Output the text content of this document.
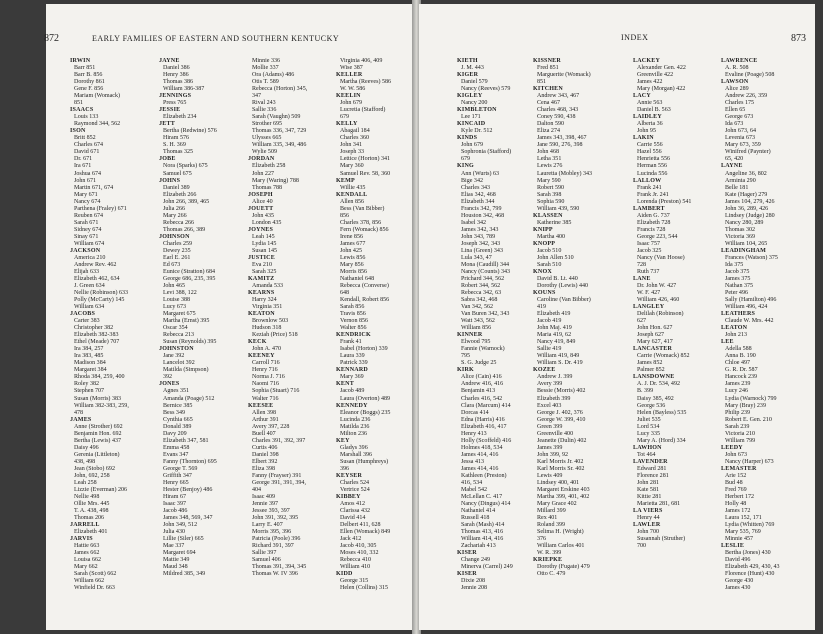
872	EARLY FAMILIES OF EASTERN AND SOUTHERN KENTUCKY
IRWIN
Barr 851
Barr B. 856
Dorothy 861
Gene F. 856
Mariam (Womack)
851
ISAACS
Louis 133
Raymond 344, 562
ISON
Britt 852
Charles 674
David 671
Dr. 671
Ira 671
Joshua 674
John 671
Martin 671, 674
Mary 671
Nancy 674
Parthena (Fraley) 671
Reuben 674
Sarah 671
Sidney 674
Sinay 671
William 674
JACKSON
America 210
Andrew Rev. 462
Elijah 633
Elizabeth 462, 634
J. Green 634
Nellie (Robinson) 633
Polly (McCarty) 145
William 634
JACOBS
Carter 383
Christopher 382
Elizabeth 382-383
Ethel (Meade) 707
Ira 384, 257
Ira 383, 485
Madison 384
Margaret 384
Rhoda 384, 259, 400
Roley 382
Stephen 707
Susan (Morris) 383
William 382-383, 259,
478
JAMES
Anne (Strother) 692
Benjamin Hon. 692
Bertha (Lewis) 437
Daisy 496
Gerenia (Littleton)
438, 498
Jean (Stobo) 692
John, 692, 258
Leah 258
Lizzie (Everman) 206
Nellie 498
Ollie Mrs. 445
T. A. 438, 498
Thomas 206
JARRELL
Elizabeth 401
JARVIS
Hattie 663
James 662
Louisa 662
Mary 662
Sarah (Scott) 662
William 662
Winfield Dr. 663
JAYNE
Daniel 386
Henry 386
Thomas 386
William 386-387
JENNINGS
Press 765
JESSIE
Elizabeth 234
JETT
Bertha (Redwine) 576
Hiram 576
S. H. 369
Thomas 325
JOBE
Nora (Sparks) 675
Samuel 675
JOHNS
Daniel 389
Elizabeth 266
John 266, 389, 465
Julia 266
Mary 266
Rebecca 266
Thomas 266, 389
JOHNSON
Charles 259
Dewey 235
Earl E. 261
Ed 673
Eunice (Stratton) 684
George 686, 235, 395
John 465
Levi 388, 122
Louise 388
Lucy 673
Margaret 675
Martha (Ernst) 395
Oscar 354
Rebecca 213
Susan (Reynolds) 395
JOHNSTON
Jane 392
Lancelot 392
Matilda (Simpson)
392
JONES
Agnes 351
Amanda (Poage) 512
Bernice 385
Bess 349
Cynthia 665
Donald 389
Davy 209
Elizabeth 347, 581
Emma 458
Evans 347
Fanny (Thornton) 695
George T. 569
Griffith 347
Henry 665
Hester (Benjoy) 486
Hiram 67
Isaac 397
Jacob 486
James 348, 569, 347
John 349, 512
Julia 430
Lillie (Siler) 665
Mae 337
Margaret 694
Mattie 349
Maud 348
Mildred 385, 349
Minnie 336
Mollie 337
Ora (Adams) 486
Otis T. 589
Rebecca (Horton) 345,
347
Rival 243
Sallie 336
Sarah (Vaughn) 509
Strother 695
Thomas 336, 347, 729
Ulysses 665
William 335, 349, 486
Wylie 509
JORDAN
Elizabeth 258
John 227
Mary (Waring) 788
Thomas 788
JOSEPH
Alice 40
JOUETT
John 435
London 435
JOYNES
Leah 145
Lydia 145
Susan 145
JUSTICE
Eva 210
Sarah 325
KAMITZ
Amanda 533
KEARNS
Harry 324
Virginia 351
KEATON
Brownlow 503
Hudson 318
Keziah (Price) 518
KECK
John A. 470
KEENEY
Carroll 716
Henry 716
Norma J. 716
Naomi 716
Sophia (Stuart) 716
Walter 716
KEESEE
Allen 398
Arthur 391
Avery 397, 228
Buell 407
Charles 391, 392, 397
Curtis 406
Daniel 398
Elbert 392
Eliza 398
Fanny (Frayser) 391
George 391, 391, 394,
404
Isaac 409
Jennie 397
Jessee 393, 397
John 391, 392, 395
Larry E. 407
Morris 395, 396
Patricia (Poole) 396
Richard 391, 397
Sallie 397
Samuel 406
Thomas 391, 394, 345
Thomas W. IV 396
Virginia 406, 409
Wise 387
KELLER
Martha (Reeves) 586
W. W. 586
KEELIN
John 679
Lucretia (Stafford)
679
KELLY
Abagail 184
Charles 360
John 341
Joseph 33
Lettice (Horton) 341
Mary 360
Samuel Rev. 58, 360
KEMP
Willie 435
KENDALL
Allen 856
Bess (Van Bibber)
856
Charles 378, 856
Fern (Womack) 856
Irene 856
James 677
John 425
Lewis 856
Mary 856
Morris 856
Nathaniel 648
Rebecca (Converse)
648
Kendall, Robert 856
Sarah 856
Travis 856
Vernon 856
Walter 856
KENDRICK
Frank 41
Isabel (Horton) 339
Laura 339
Patrick 339
KENNARD
Mary 369
KENT
Jacob 489
Laura (Overton) 489
KENNEDY
Eleanor (Boggs) 235
Lucinda 236
Matilda 236
Milton 236
KEY
Gladys 396
Marshall 396
Susan (Humphreys)
396
KEYSER
Charles 524
Vertrice 524
KIBBEY
Amos 412
Clarissa 432
David 414
Delbert 411, 628
Ellen (Womack) 849
Jack 412
Jacob 410, 305
Moses 410, 332
Rebecca 410
William 410
KIDD
George 315
Helen (Collins) 315
INDEX	873
KIETH
J. M. 443
KIGER
Daniel 579
Nancy (Reeves) 579
KIGLEY
Nancy 200
KIMBLETON
Lee 171
KINCAID
Kyle Dr. 512
KINDS
John 679
Sophronia (Stafford)
679
KING
Ann (Wurts) 63
Bige 342
Charles 343
Elias 342, 468
Elizabeth 344
Francis 342, 799
Houston 342, 468
Isabel 342
James 342, 343
John 343, 789
Joseph 342, 343
Lina (Green) 343
Lula 343, 47
Mona (Caudill) 344
Nancy (Counts) 343
Prichard 344, 562
Robert 344, 562
Rebecca 342, 63
Sabra 342, 468
Van 342, 562
Van Buren 342, 343
Watt 343, 562
William 856
KINNER
Elwood 795
Fannie (Warnock)
795
S. G. Judge 25
KIRK
Alice (Cain) 416
Andrew 416, 416
Benjamin 413
Charles 416, 542
Clara (Marcum) 414
Dorcas 414
Edna (Harris) 416
Elizabeth 416, 417
Henry 413
Holly (Scoffeld) 416
Holmes 418, 534
James 414, 416
Jessa 413
James 414, 416
Kathleen (Preston)
416, 534
Mabel 542
McLellan C. 417
Nancy (Dingus) 414
Nathaniel 414
Russell 418
Sarah (Mash) 414
Thomas 413, 416
William 414, 416
Zachariah 413
KISER
Change 249
Minerva (Carrel) 249
KISER
Dixie 208
Jennie 208
KISSNER
Fred 851
Marguerite (Womack)
851
KITCHEN
Andrew 343, 467
Cena 467
Charles 468, 343
Coney 590, 438
Dalton 590
Eliza 274
James 343, 398, 467
Jane 590, 276, 398
John 468
Letha 351
Lewis 276
Lauretta (Mobley) 343
Mary 590
Robert 590
Sarah 398
Sophia 590
William 439, 590
KLASSEN
Katherine 385
KNIPP
Martha 400
KNOPP
Jacob 510
John Allen 510
Sarah 510
KNOX
David B. Lt. 440
Dorothy (Lewis) 440
KOUNS
Caroline (Van Bibber)
419
Elizabeth 419
Jacob 419
John Maj. 419
Maria 419, 62
Nancy 419, 849
Sallie 419
William 419, 849
William S. Dr. 419
KOZEE
Andrew J. 399
Avery 399
Bessie (Morris) 402
Elizabeth 399
Excel 403
George J. 402, 376
George W. 399, 410
Green 399
Greenville 400
Jeanette (Dulin) 402
James 399
John 399, 92
Karl Morris Jr. 402
Karl Morris Sr. 402
Lewis 409
Lindsey 400, 401
Margaret Erskine 403
Martha 399, 401, 402
Mary Grace 402
Millard 399
Rex 401
Roland 399
Selima H. (Wright)
376
William Carlos 401
W. R. 399
KRIEPKE
Dorothy (Fugate) 479
Otto C. 479
LACKEY
Alexander Gen. 422
Greenville 422
James 422
Mary (Morgan) 422
LACY
Annie 563
Daniel B. 563
LAIDLEY
Alberta 36
John 95
LAKIN
Carrie 556
Hazel 556
Henrietta 556
Herman 556
Lucinda 556
LALLOW
Frank 241
Frank Jr. 241
Lorenda (Preston) 541
LAMBERT
Aiden G. 737
Elizabeth 728
Francis 728
George 223, 544
Isaac 757
Jacob 325
Nancy (Van Hoose)
728
Ruth 737
LANE
Dr. John W. 427
W. F. 427
William 426, 460
LANGLEY
Delilah (Robinson)
627
John Hon. 627
Joseph 627
Mary 627, 417
LANCASTER
Carrie (Womack) 852
James 852
Palmer 852
LANSDOWNE
A. J. Dr. 534, 492
B. 399
Daisy 385, 492
George 536
Helen (Bayless) 535
Juliet 535
Lord 534
Lucy 335
Mary A. (Hord) 334
LAWHON
Tot 464
LAVENDER
Edward 281
Florence 281
John 281
Kate 581
Kittie 281
Marietta 281, 681
LA VIERS
Henry 44
LAWLER
John 700
Susannah (Struther)
700
LAWRENCE
A. R. 508
Evaline (Poage) 508
LAWSON
Alice 289
Andrew 226, 359
Charles 175
Ellen 65
George 673
Ida 673
John 673, 64
Levenia 673
Mary 673, 359
Winifred (Paynter)
65, 420
LAYNE
Angeline 36, 802
Arminta 290
Belle 181
Kate (Hager) 279
James 104, 279, 426
John 36, 289, 426
Lindsey (Judge) 280
Nancy 280, 289
Thomas 302
Victoria 369
William 104, 265
LEADINGHAM
Frances (Watson) 375
Ida 375
Jacob 375
James 375
Nathan 375
Peter 496
Sally (Hamilton) 496
William 496, 424
LEATHERS
Claude W. Mrs. 442
LEATON
John 213
LEE
Adella 588
Anna B. 190
Chloe 497
G. R. Dr. 587
Hancock 239
James 239
Lucy 246
Lydia (Warnock) 799
Mary (Bray) 239
Philip 239
Robert E. Gen. 210
Sarah 239
Victoria 210
William 799
LEEDY
John 673
Nancy (Harper) 673
LEMASTER
Arie 152
Bud 48
Fred 769
Herbert 172
Holly 48
James 172
Laura 152, 171
Lydia (Whitten) 769
Mary 535, 769
Minnie 457
LESLIE
Bertha (Jones) 430
David 496
Elizabeth 429, 430, 43
Florence (Hunt) 430
George 430
James 430
